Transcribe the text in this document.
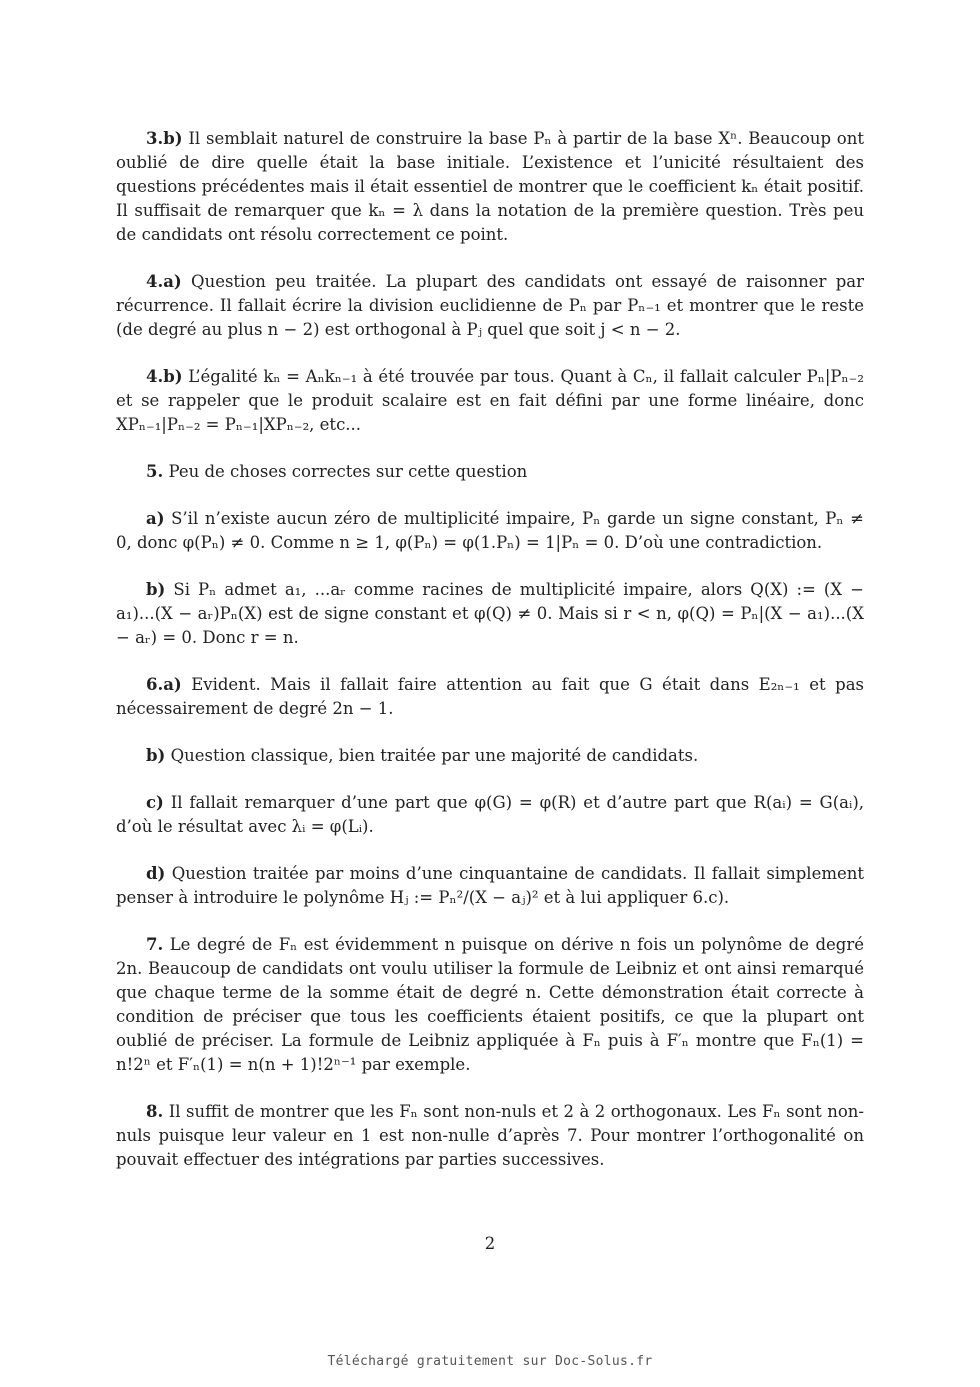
3.b) Il semblait naturel de construire la base Pₙ à partir de la base Xⁿ. Beaucoup ont oublié de dire quelle était la base initiale. L’existence et l’unicité résultaient des questions précédentes mais il était essentiel de montrer que le coefficient kₙ était positif. Il suffisait de remarquer que kₙ = λ dans la notation de la première question. Très peu de candidats ont résolu correctement ce point.

4.a) Question peu traitée. La plupart des candidats ont essayé de raisonner par récurrence. Il fallait écrire la division euclidienne de Pₙ par Pₙ₋₁ et montrer que le reste (de degré au plus n − 2) est orthogonal à Pⱼ quel que soit j < n − 2.

4.b) L’égalité kₙ = Aₙkₙ₋₁ à été trouvée par tous. Quant à Cₙ, il fallait calculer Pₙ|Pₙ₋₂ et se rappeler que le produit scalaire est en fait défini par une forme linéaire, donc XPₙ₋₁|Pₙ₋₂ = Pₙ₋₁|XPₙ₋₂, etc...

5. Peu de choses correctes sur cette question

a) S’il n’existe aucun zéro de multiplicité impaire, Pₙ garde un signe constant, Pₙ ≠ 0, donc φ(Pₙ) ≠ 0. Comme n ≥ 1, φ(Pₙ) = φ(1.Pₙ) = 1|Pₙ = 0. D’où une contradiction.

b) Si Pₙ admet a₁, ...aᵣ comme racines de multiplicité impaire, alors Q(X) := (X − a₁)...(X − aᵣ)Pₙ(X) est de signe constant et φ(Q) ≠ 0. Mais si r < n, φ(Q) = Pₙ|(X − a₁)...(X − aᵣ) = 0. Donc r = n.

6.a) Evident. Mais il fallait faire attention au fait que G était dans E₂ₙ₋₁ et pas nécessairement de degré 2n − 1.

b) Question classique, bien traitée par une majorité de candidats.

c) Il fallait remarquer d’une part que φ(G) = φ(R) et d’autre part que R(aᵢ) = G(aᵢ), d’où le résultat avec λᵢ = φ(Lᵢ).

d) Question traitée par moins d’une cinquantaine de candidats. Il fallait simplement penser à introduire le polynôme Hⱼ := Pₙ²/(X − aⱼ)² et à lui appliquer 6.c).

7. Le degré de Fₙ est évidemment n puisque on dérive n fois un polynôme de degré 2n. Beaucoup de candidats ont voulu utiliser la formule de Leibniz et ont ainsi remarqué que chaque terme de la somme était de degré n. Cette démonstration était correcte à condition de préciser que tous les coefficients étaient positifs, ce que la plupart ont oublié de préciser. La formule de Leibniz appliquée à Fₙ puis à F′ₙ montre que Fₙ(1) = n!2ⁿ et F′ₙ(1) = n(n + 1)!2ⁿ⁻¹ par exemple.

8. Il suffit de montrer que les Fₙ sont non-nuls et 2 à 2 orthogonaux. Les Fₙ sont non-nuls puisque leur valeur en 1 est non-nulle d’après 7. Pour montrer l’orthogonalité on pouvait effectuer des intégrations par parties successives.

2
Téléchargé gratuitement sur Doc-Solus.fr
